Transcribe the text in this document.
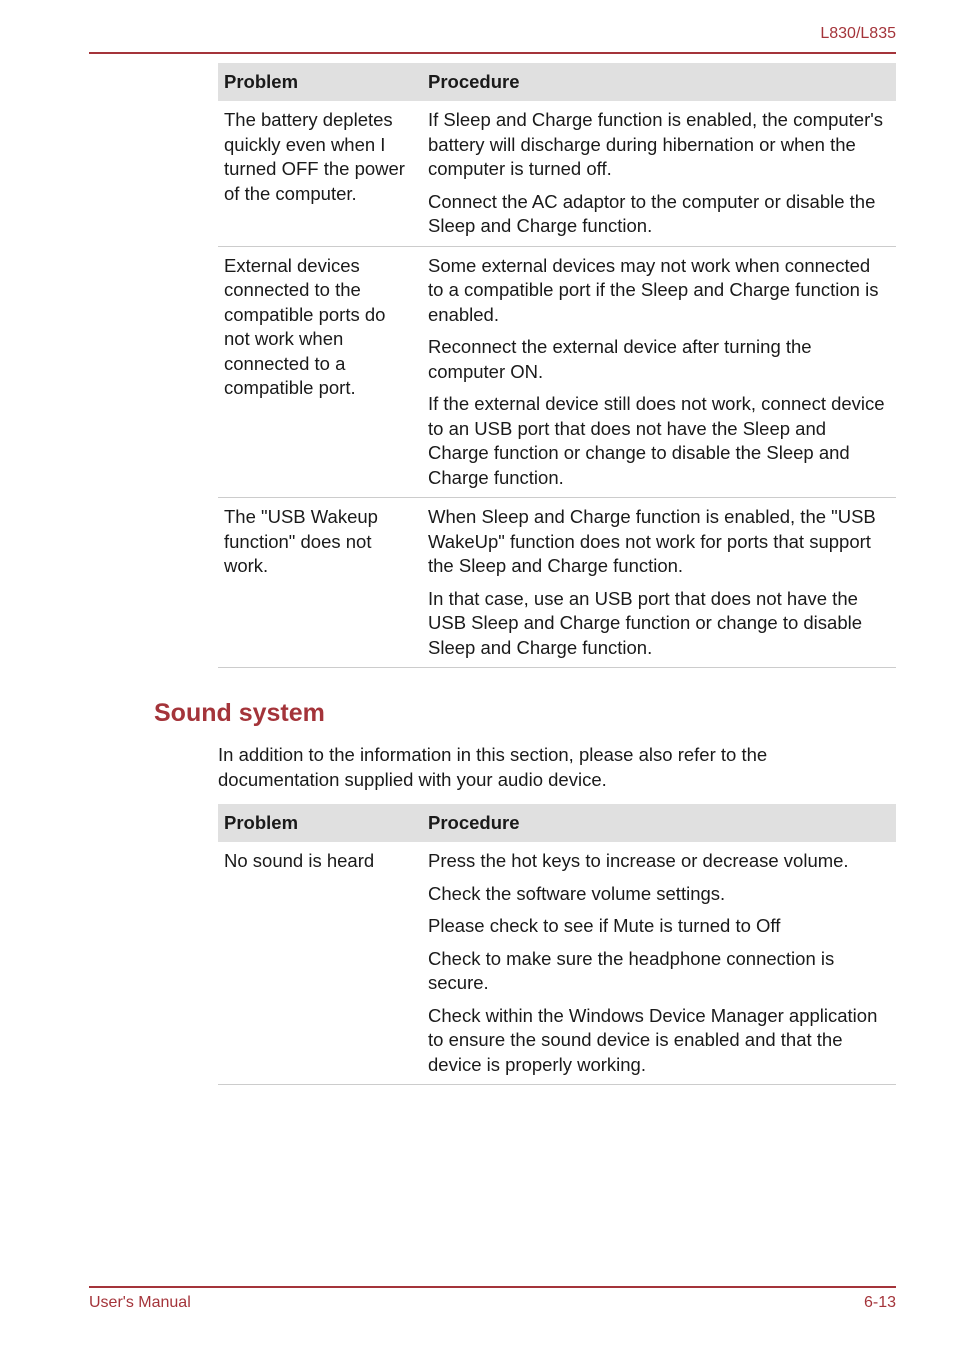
L830/L835
Problem	Procedure
The battery depletes quickly even when I turned OFF the power of the computer.	If Sleep and Charge function is enabled, the computer's battery will discharge during hibernation or when the computer is turned off.

Connect the AC adaptor to the computer or disable the Sleep and Charge function.

External devices connected to the compatible ports do not work when connected to a compatible port.	Some external devices may not work when connected to a compatible port if the Sleep and Charge function is enabled.

Reconnect the external device after turning the computer ON.

If the external device still does not work, connect device to an USB port that does not have the Sleep and Charge function or change to disable the Sleep and Charge function.

The "USB Wakeup function" does not work.	When Sleep and Charge function is enabled, the "USB WakeUp" function does not work for ports that support the Sleep and Charge function.

In that case, use an USB port that does not have the USB Sleep and Charge function or change to disable Sleep and Charge function.

Sound system

In addition to the information in this section, please also refer to the documentation supplied with your audio device.

Problem	Procedure
No sound is heard	Press the hot keys to increase or decrease volume.

Check the software volume settings.

Please check to see if Mute is turned to Off

Check to make sure the headphone connection is secure.

Check within the Windows Device Manager application to ensure the sound device is enabled and that the device is properly working.

User's Manual	6-13
